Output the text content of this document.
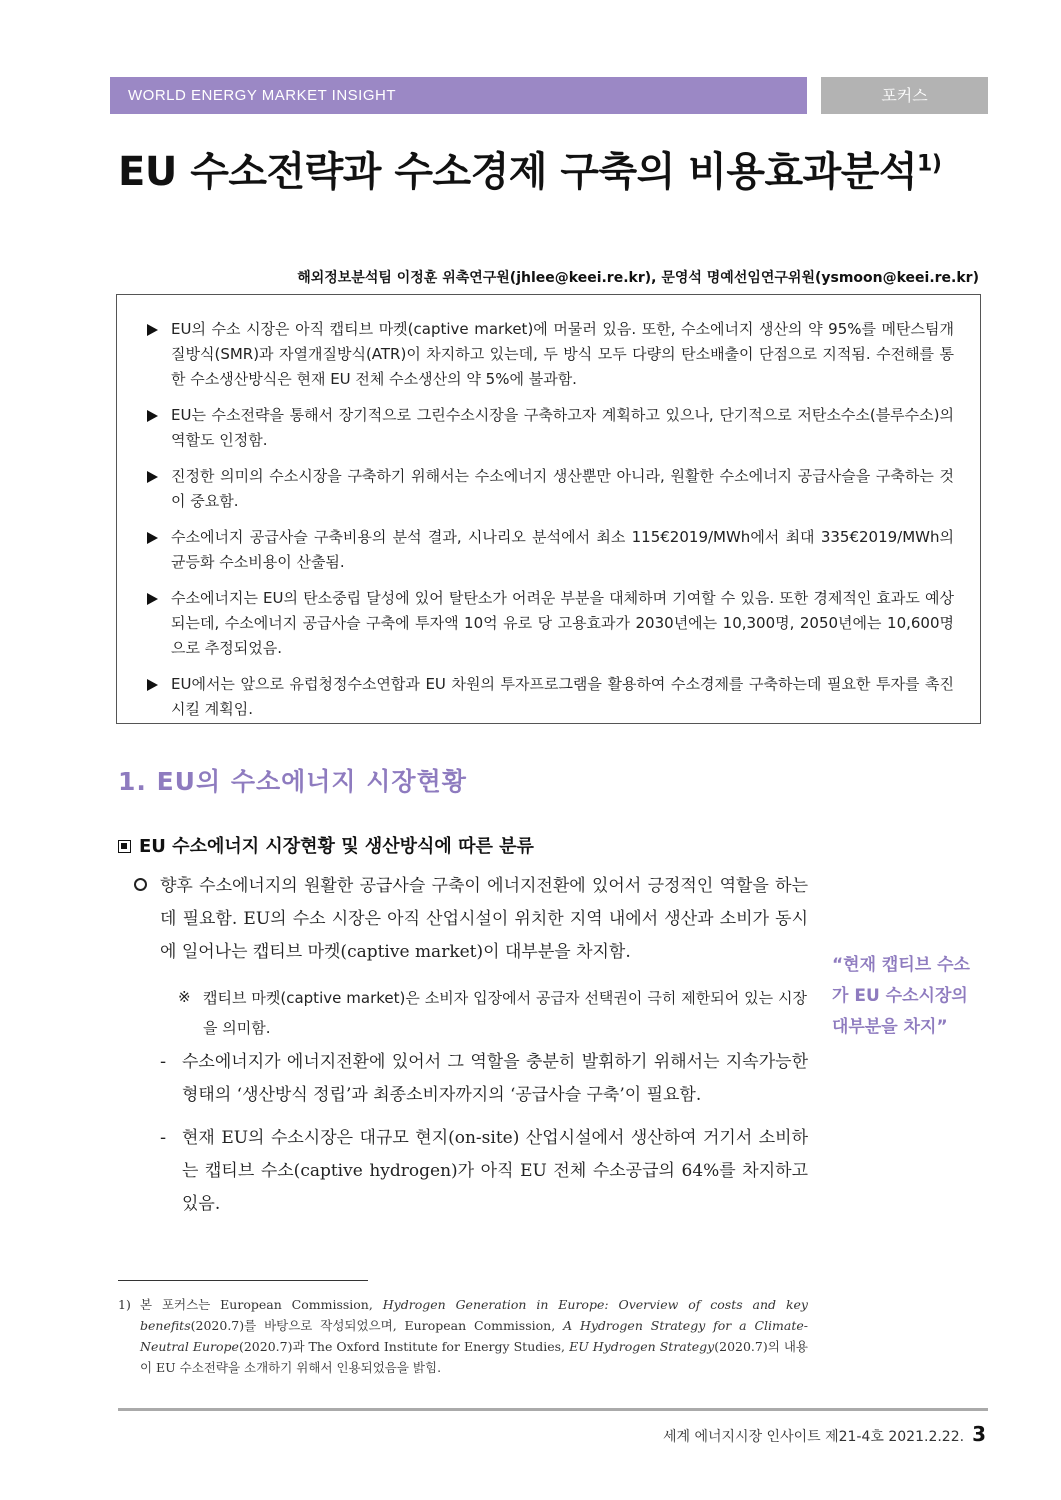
WORLD ENERGY MARKET INSIGHT	포커스
EU 수소전략과 수소경제 구축의 비용효과분석$^{1)}$
해외정보분석팀 이정훈 위촉연구원(jhlee@keei.re.kr), 문영석 명예선임연구위원(ysmoon@keei.re.kr)
EU의 수소 시장은 아직 캡티브 마켓(captive market)에 머물러 있음. 또한, 수소에너지 생산의 약 95%를 메탄스팀개질방식(SMR)과 자열개질방식(ATR)이 차지하고 있는데, 두 방식 모두 다량의 탄소배출이 단점으로 지적됨. 수전해를 통한 수소생산방식은 현재 EU 전체 수소생산의 약 5%에 불과함.
EU는 수소전략을 통해서 장기적으로 그린수소시장을 구축하고자 계획하고 있으나, 단기적으로 저탄소수소(블루수소)의 역할도 인정함.
진정한 의미의 수소시장을 구축하기 위해서는 수소에너지 생산뿐만 아니라, 원활한 수소에너지 공급사슬을 구축하는 것이 중요함.
수소에너지 공급사슬 구축비용의 분석 결과, 시나리오 분석에서 최소 115€2019/MWh에서 최대 335€2019/MWh의 균등화 수소비용이 산출됨.
수소에너지는 EU의 탄소중립 달성에 있어 탈탄소가 어려운 부분을 대체하며 기여할 수 있음. 또한 경제적인 효과도 예상되는데, 수소에너지 공급사슬 구축에 투자액 10억 유로 당 고용효과가 2030년에는 10,300명, 2050년에는 10,600명으로 추정되었음.
EU에서는 앞으로 유럽청정수소연합과 EU 차원의 투자프로그램을 활용하여 수소경제를 구축하는데 필요한 투자를 촉진시킬 계획임.
1. EU의 수소에너지 시장현황
EU 수소에너지 시장현황 및 생산방식에 따른 분류
향후 수소에너지의 원활한 공급사슬 구축이 에너지전환에 있어서 긍정적인 역할을 하는 데 필요함. EU의 수소 시장은 아직 산업시설이 위치한 지역 내에서 생산과 소비가 동시에 일어나는 캡티브 마켓(captive market)이 대부분을 차지함.
※ 캡티브 마켓(captive market)은 소비자 입장에서 공급자 선택권이 극히 제한되어 있는 시장을 의미함.
- 수소에너지가 에너지전환에 있어서 그 역할을 충분히 발휘하기 위해서는 지속가능한 형태의 ‘생산방식 정립’과 최종소비자까지의 ‘공급사슬 구축’이 필요함.
- 현재 EU의 수소시장은 대규모 현지(on-site) 산업시설에서 생산하여 거기서 소비하는 캡티브 수소(captive hydrogen)가 아직 EU 전체 수소공급의 64%를 차지하고 있음.
“현재 캡티브 수소가 EU 수소시장의 대부분을 차지”
1) 본 포커스는 European Commission, Hydrogen Generation in Europe: Overview of costs and key benefits(2020.7)를 바탕으로 작성되었으며, European Commission, A Hydrogen Strategy for a Climate-Neutral Europe(2020.7)과 The Oxford Institute for Energy Studies, EU Hydrogen Strategy(2020.7)의 내용이 EU 수소전략을 소개하기 위해서 인용되었음을 밝힘.
세계 에너지시장 인사이트 제21-4호 2021.2.22. 3
